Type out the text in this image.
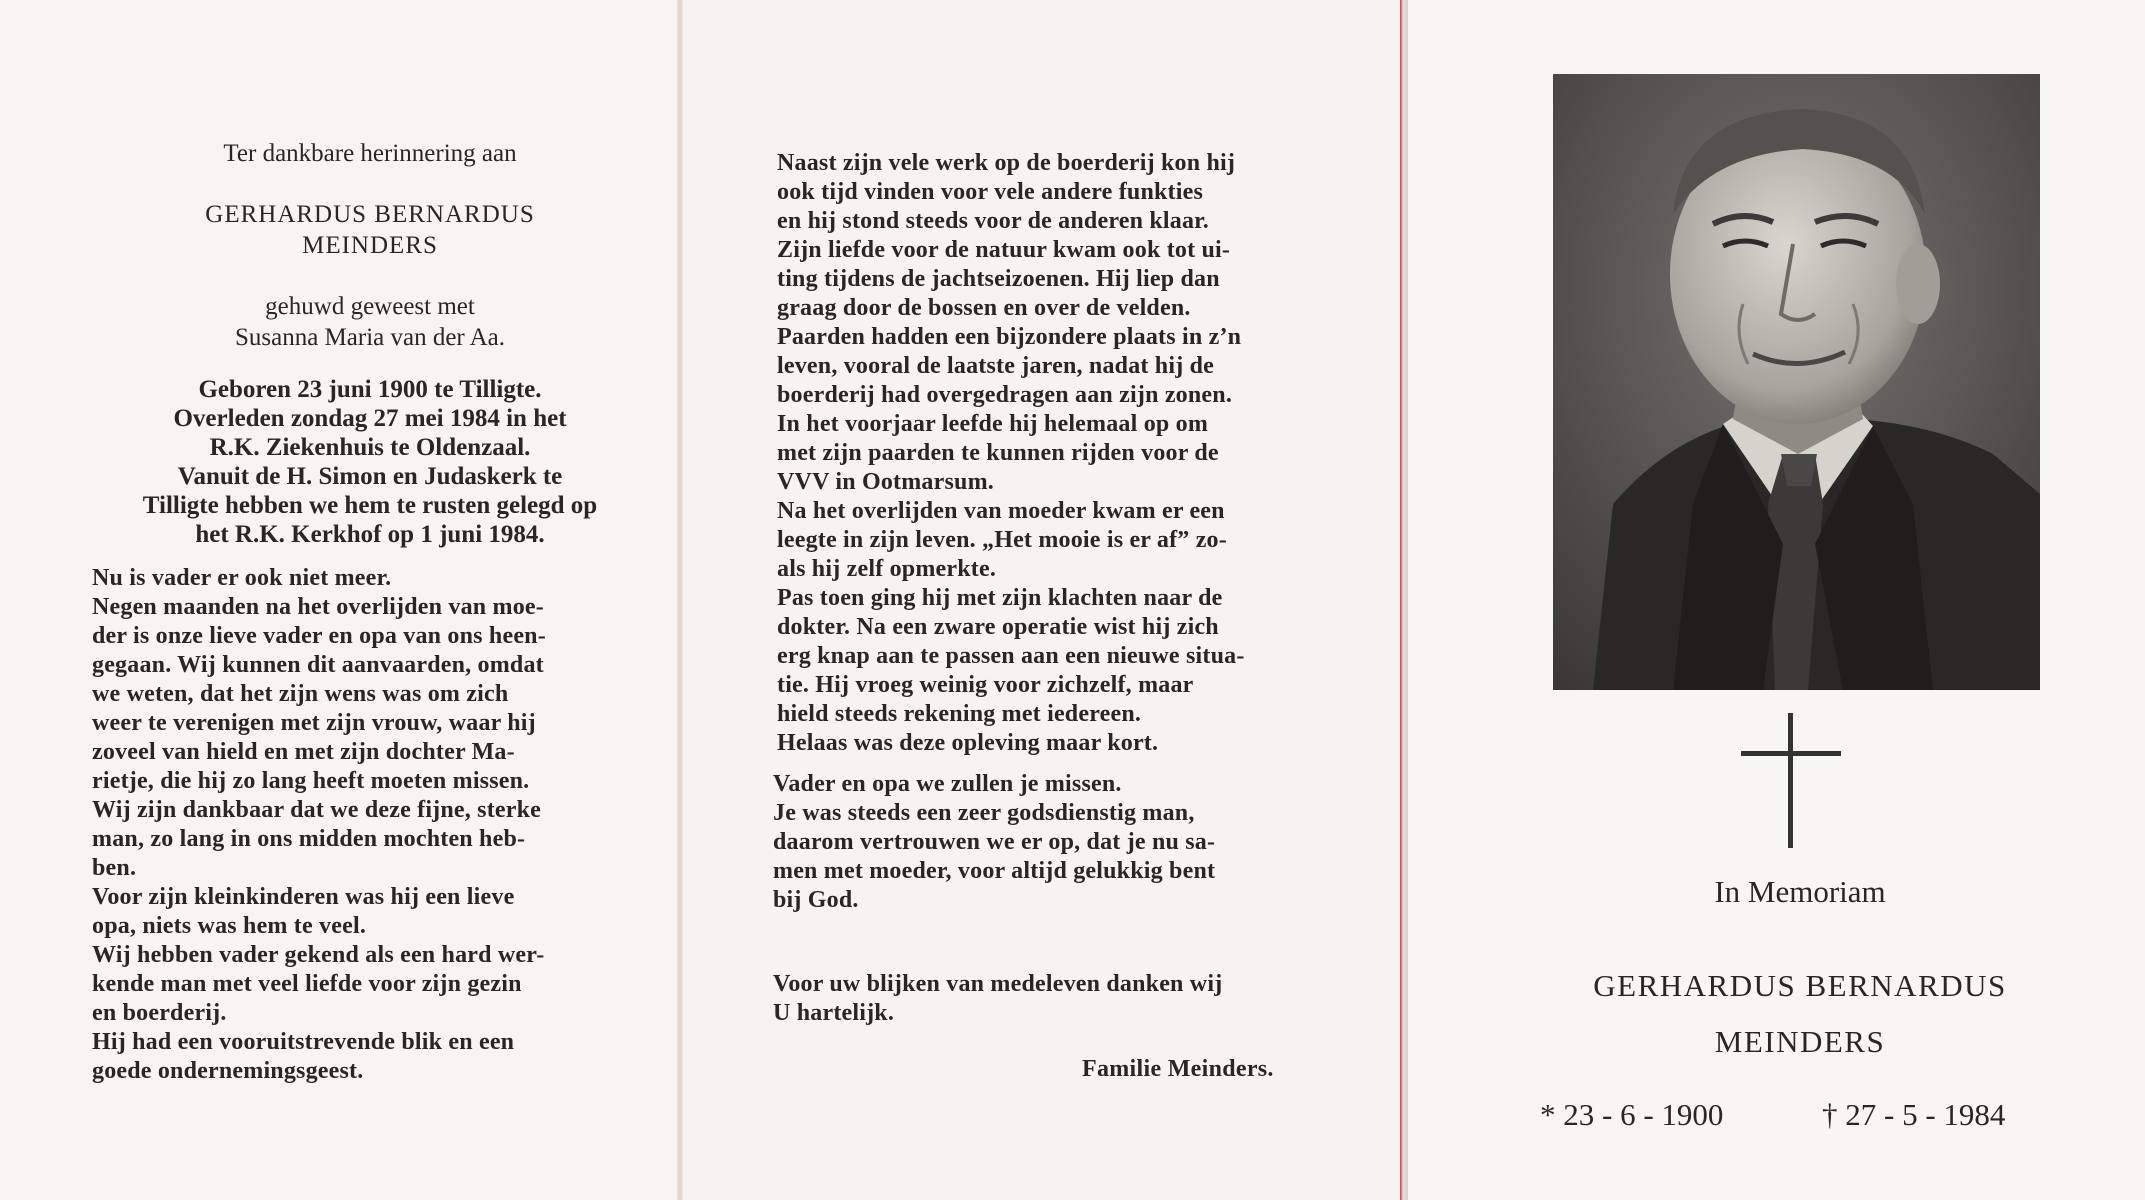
Ter dankbare herinnering aan
GERHARDUS BERNARDUS
MEINDERS
gehuwd geweest met
Susanna Maria van der Aa.
Geboren 23 juni 1900 te Tilligte.
Overleden zondag 27 mei 1984 in het
R.K. Ziekenhuis te Oldenzaal.
Vanuit de H. Simon en Judaskerk te
Tilligte hebben we hem te rusten gelegd op
het R.K. Kerkhof op 1 juni 1984.
Nu is vader er ook niet meer.
Negen maanden na het overlijden van moe-
der is onze lieve vader en opa van ons heen-
gegaan. Wij kunnen dit aanvaarden, omdat
we weten, dat het zijn wens was om zich
weer te verenigen met zijn vrouw, waar hij
zoveel van hield en met zijn dochter Ma-
rietje, die hij zo lang heeft moeten missen.
Wij zijn dankbaar dat we deze fijne, sterke
man, zo lang in ons midden mochten heb-
ben.
Voor zijn kleinkinderen was hij een lieve
opa, niets was hem te veel.
Wij hebben vader gekend als een hard wer-
kende man met veel liefde voor zijn gezin
en boerderij.
Hij had een vooruitstrevende blik en een
goede ondernemingsgeest.
Naast zijn vele werk op de boerderij kon hij
ook tijd vinden voor vele andere funkties
en hij stond steeds voor de anderen klaar.
Zijn liefde voor de natuur kwam ook tot ui-
ting tijdens de jachtseizoenen. Hij liep dan
graag door de bossen en over de velden.
Paarden hadden een bijzondere plaats in z’n
leven, vooral de laatste jaren, nadat hij de
boerderij had overgedragen aan zijn zonen.
In het voorjaar leefde hij helemaal op om
met zijn paarden te kunnen rijden voor de
VVV in Ootmarsum.
Na het overlijden van moeder kwam er een
leegte in zijn leven. „Het mooie is er af” zo-
als hij zelf opmerkte.
Pas toen ging hij met zijn klachten naar de
dokter. Na een zware operatie wist hij zich
erg knap aan te passen aan een nieuwe situa-
tie. Hij vroeg weinig voor zichzelf, maar
hield steeds rekening met iedereen.
Helaas was deze opleving maar kort.
Vader en opa we zullen je missen.
Je was steeds een zeer godsdienstig man,
daarom vertrouwen we er op, dat je nu sa-
men met moeder, voor altijd gelukkig bent
bij God.
Voor uw blijken van medeleven danken wij
U hartelijk.
Familie Meinders.
In Memoriam
GERHARDUS BERNARDUS
MEINDERS
* 23 - 6 - 1900	† 27 - 5 - 1984
